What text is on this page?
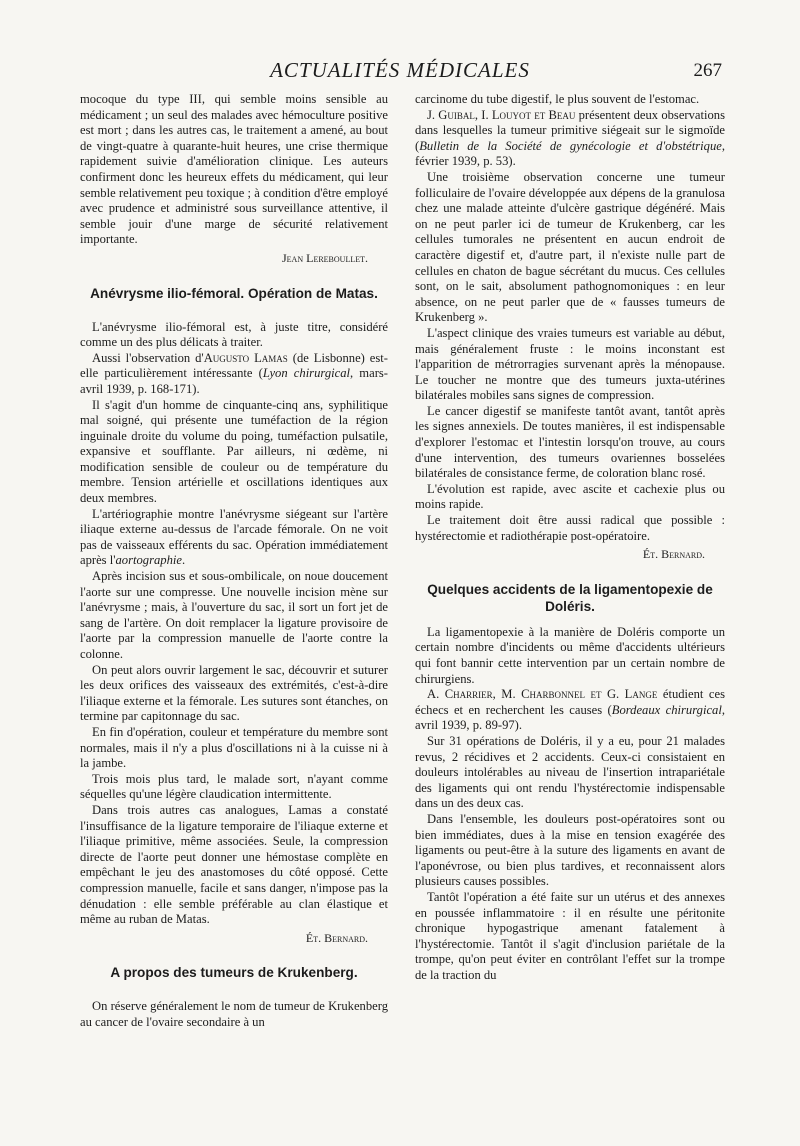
ACTUALITÉS MÉDICALES	267

mocoque du type III, qui semble moins sensible au médicament ; un seul des malades avec hémoculture positive est mort ; dans les autres cas, le traitement a amené, au bout de vingt-quatre à quarante-huit heures, une crise thermique rapidement suivie d'amélioration clinique. Les auteurs confirment donc les heureux effets du médicament, qui leur semble relativement peu toxique ; à condition d'être employé avec prudence et administré sous surveillance attentive, il semble jouir d'une marge de sécurité relativement importante.

Jean Lereboullet.
Anévrysme ilio-fémoral. Opération de Matas.

L'anévrysme ilio-fémoral est, à juste titre, considéré comme un des plus délicats à traiter.

Aussi l'observation d'Augusto Lamas (de Lisbonne) est-elle particulièrement intéressante (Lyon chirurgical, mars-avril 1939, p. 168-171).

Il s'agit d'un homme de cinquante-cinq ans, syphilitique mal soigné, qui présente une tuméfaction de la région inguinale droite du volume du poing, tuméfaction pulsatile, expansive et soufflante. Par ailleurs, ni œdème, ni modification sensible de couleur ou de température du membre. Tension artérielle et oscillations identiques aux deux membres.

L'artériographie montre l'anévrysme siégeant sur l'artère iliaque externe au-dessus de l'arcade fémorale. On ne voit pas de vaisseaux efférents du sac. Opération immédiatement après l'aortographie.

Après incision sus et sous-ombilicale, on noue doucement l'aorte sur une compresse. Une nouvelle incision mène sur l'anévrysme ; mais, à l'ouverture du sac, il sort un fort jet de sang de l'artère. On doit remplacer la ligature provisoire de l'aorte par la compression manuelle de l'aorte contre la colonne.

On peut alors ouvrir largement le sac, découvrir et suturer les deux orifices des vaisseaux des extrémités, c'est-à-dire l'iliaque externe et la fémorale. Les sutures sont étanches, on termine par capitonnage du sac.

En fin d'opération, couleur et température du membre sont normales, mais il n'y a plus d'oscillations ni à la cuisse ni à la jambe.

Trois mois plus tard, le malade sort, n'ayant comme séquelles qu'une légère claudication intermittente.

Dans trois autres cas analogues, Lamas a constaté l'insuffisance de la ligature temporaire de l'iliaque externe et l'iliaque primitive, même associées. Seule, la compression directe de l'aorte peut donner une hémostase complète en empêchant le jeu des anastomoses du côté opposé. Cette compression manuelle, facile et sans danger, n'impose pas la dénudation : elle semble préférable au clan élastique et même au ruban de Matas.

Ét. Bernard.
A propos des tumeurs de Krukenberg.

On réserve généralement le nom de tumeur de Krukenberg au cancer de l'ovaire secondaire à un

carcinome du tube digestif, le plus souvent de l'estomac.

J. Guibal, I. Louyot et Beau présentent deux observations dans lesquelles la tumeur primitive siégeait sur le sigmoïde (Bulletin de la Société de gynécologie et d'obstétrique, février 1939, p. 53).

Une troisième observation concerne une tumeur folliculaire de l'ovaire développée aux dépens de la granulosa chez une malade atteinte d'ulcère gastrique dégénéré. Mais on ne peut parler ici de tumeur de Krukenberg, car les cellules tumorales ne présentent en aucun endroit de caractère digestif et, d'autre part, il n'existe nulle part de cellules en chaton de bague sécrétant du mucus. Ces cellules sont, on le sait, absolument pathognomoniques : en leur absence, on ne peut parler que de « fausses tumeurs de Krukenberg ».

L'aspect clinique des vraies tumeurs est variable au début, mais généralement fruste : le moins inconstant est l'apparition de métrorragies survenant après la ménopause. Le toucher ne montre que des tumeurs juxta-utérines bilatérales mobiles sans signes de compression.

Le cancer digestif se manifeste tantôt avant, tantôt après les signes annexiels. De toutes manières, il est indispensable d'explorer l'estomac et l'intestin lorsqu'on trouve, au cours d'une intervention, des tumeurs ovariennes bosselées bilatérales de consistance ferme, de coloration blanc rosé.

L'évolution est rapide, avec ascite et cachexie plus ou moins rapide.

Le traitement doit être aussi radical que possible : hystérectomie et radiothérapie post-opératoire.

Ét. Bernard.
Quelques accidents de la ligamentopexie de Doléris.

La ligamentopexie à la manière de Doléris comporte un certain nombre d'incidents ou même d'accidents ultérieurs qui font bannir cette intervention par un certain nombre de chirurgiens.

A. Charrier, M. Charbonnel et G. Lange étudient ces échecs et en recherchent les causes (Bordeaux chirurgical, avril 1939, p. 89-97).

Sur 31 opérations de Doléris, il y a eu, pour 21 malades revus, 2 récidives et 2 accidents. Ceux-ci consistaient en douleurs intolérables au niveau de l'insertion intrapariétale des ligaments qui ont rendu l'hystérectomie indispensable dans un des deux cas.

Dans l'ensemble, les douleurs post-opératoires sont ou bien immédiates, dues à la mise en tension exagérée des ligaments ou peut-être à la suture des ligaments en avant de l'aponévrose, ou bien plus tardives, et reconnaissent alors plusieurs causes possibles.

Tantôt l'opération a été faite sur un utérus et des annexes en poussée inflammatoire : il en résulte une péritonite chronique hypogastrique amenant fatalement à l'hystérectomie. Tantôt il s'agit d'inclusion pariétale de la trompe, qu'on peut éviter en contrôlant l'effet sur la trompe de la traction du
